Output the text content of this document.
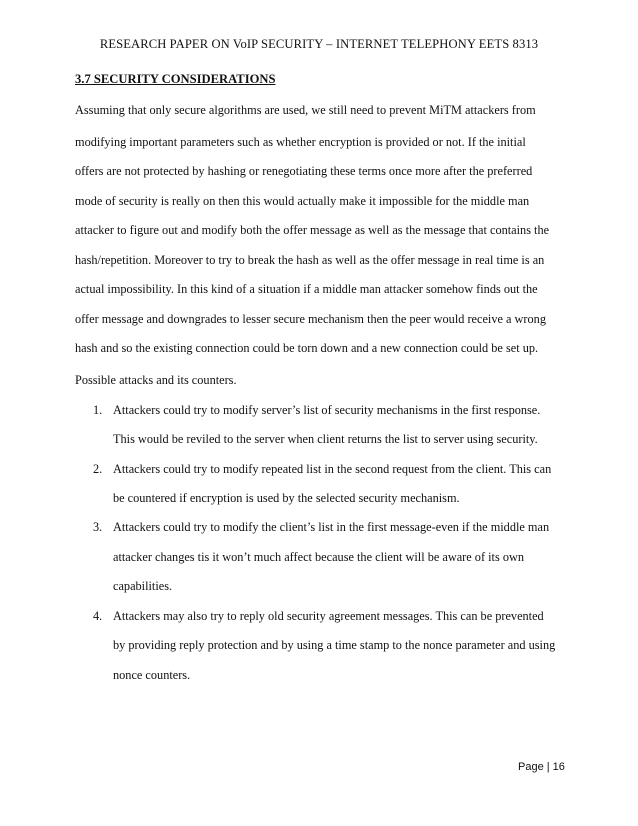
RESEARCH PAPER ON VoIP SECURITY – INTERNET TELEPHONY EETS 8313
3.7 SECURITY CONSIDERATIONS
Assuming that only secure algorithms are used, we still need to prevent MiTM attackers from
modifying important parameters such as whether encryption is provided or not. If the initial
offers are not protected by hashing or renegotiating these terms once more after the preferred
mode of security is really on then this would actually make it impossible for the middle man
attacker to figure out and modify both the offer message as well as the message that contains the
hash/repetition. Moreover to try to break the hash as well as the offer message in real time is an
actual impossibility. In this kind of a situation if a middle man attacker somehow finds out the
offer message and downgrades to lesser secure mechanism then the peer would receive a wrong
hash and so the existing connection could be torn down and a new connection could be set up.
Possible attacks and its counters.
1. Attackers could try to modify server’s list of security mechanisms in the first response.
This would be reviled to the server when client returns the list to server using security.
2. Attackers could try to modify repeated list in the second request from the client. This can
be countered if encryption is used by the selected security mechanism.
3. Attackers could try to modify the client’s list in the first message-even if the middle man
attacker changes tis it won’t much affect because the client will be aware of its own
capabilities.
4. Attackers may also try to reply old security agreement messages. This can be prevented
by providing reply protection and by using a time stamp to the nonce parameter and using
nonce counters.
Page | 16
